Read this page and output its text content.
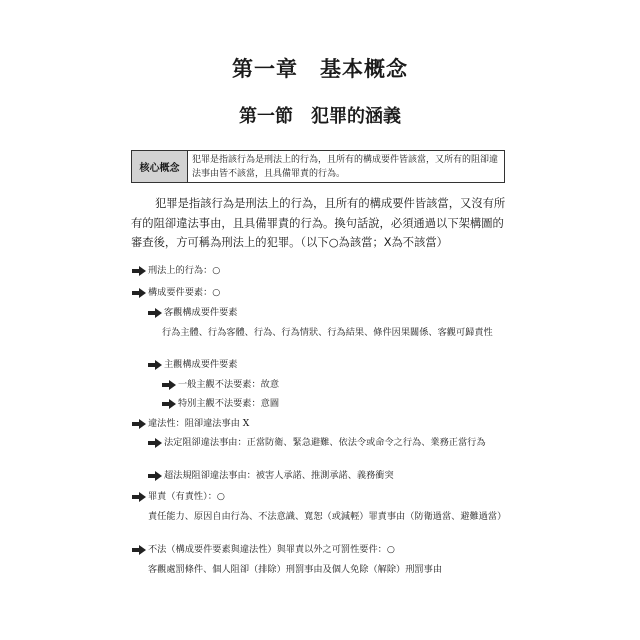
第一章　基本概念
第一節　犯罪的涵義
核心概念
犯罪是指該行為是刑法上的行為，且所有的構成要件皆該當，又所有的阻卻違法事由皆不該當，且具備罪責的行為。

犯罪是指該行為是刑法上的行為，且所有的構成要件皆該當，又沒有所有的阻卻違法事由，且具備罪責的行為。換句話說，必須通過以下架構圖的審查後，方可稱為刑法上的犯罪。（以下○為該當；X為不該當）

刑法上的行為：○
構成要件要素：○
客觀構成要件要素
行為主體、行為客體、行為、行為情狀、行為結果、條件因果關係、客觀可歸責性
主觀構成要件要素
一般主觀不法要素：故意
特別主觀不法要素：意圖
違法性：阻卻違法事由 X
法定阻卻違法事由：正當防衛、緊急避難、依法令或命令之行為、業務正當行為
超法規阻卻違法事由：被害人承諾、推測承諾、義務衝突
罪責（有責性）：○
責任能力、原因自由行為、不法意識、寬恕（或減輕）罪責事由（防衛過當、避難過當）
不法（構成要件要素與違法性）與罪責以外之可罰性要件：○
客觀處罰條件、個人阻卻（排除）刑罰事由及個人免除（解除）刑罰事由
